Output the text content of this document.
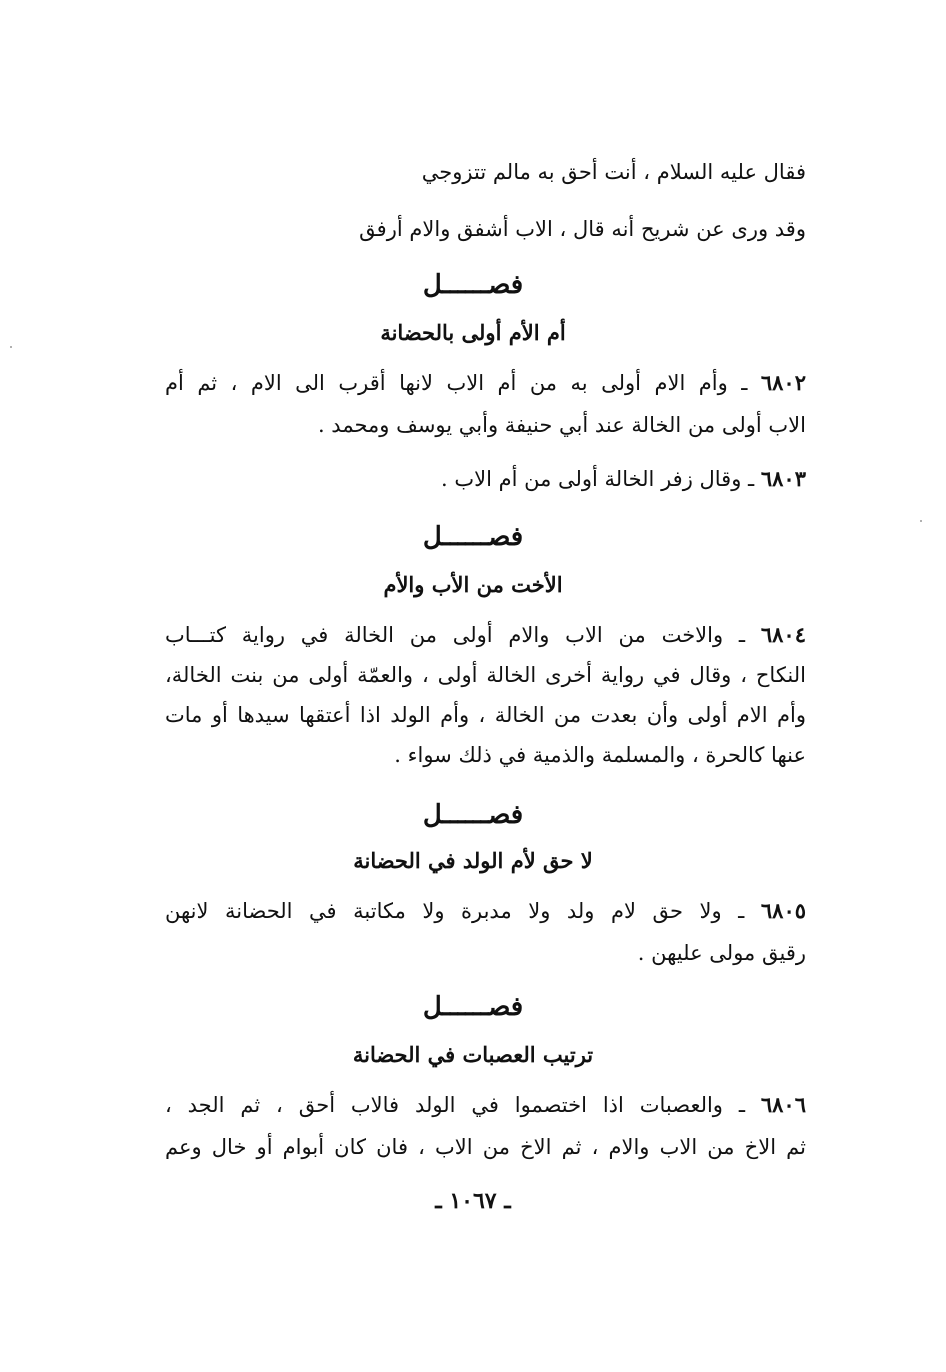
فقال عليه السلام ، أنت أحق به مالم تتزوجي
وقد ورى عن شريح أنه قال ، الاب أشفق والام أرفق
فصــــــل
أم الأم أولى بالحضانة
٦٨٠٢ ـ وأم الام أولى به من أم الاب لانها أقرب الى الام ، ثم أم
الاب أولى من الخالة عند أبي حنيفة وأبي يوسف ومحمد .
٦٨٠٣ ـ وقال زفر الخالة أولى من أم الاب .
فصــــــل
الأخت من الأب والأم
٦٨٠٤ ـ والاخت من الاب والام أولى من الخالة في رواية كتـــاب
النكاح ، وقال في رواية أخرى الخالة أولى ، والعمّة أولى من بنت الخالة،
وأم الام أولى وأن بعدت من الخالة ، وأم الولد اذا أعتقها سيدها أو مات
عنها كالحرة ، والمسلمة والذمية في ذلك سواء .
فصــــــل
لا حق لأم الولد في الحضانة
٦٨٠٥ ـ ولا حق لام ولد ولا مدبرة ولا مكاتبة في الحضانة لانهن
رقيق مولى عليهن .
فصــــــل
ترتيب العصبات في الحضانة
٦٨٠٦ ـ والعصبات اذا اختصموا في الولد فالاب أحق ، ثم الجد ،
ثم الاخ من الاب والام ، ثم الاخ من الاب ، فان كان أبوام أو خال وعم
ـ ١٠٦٧ ـ
